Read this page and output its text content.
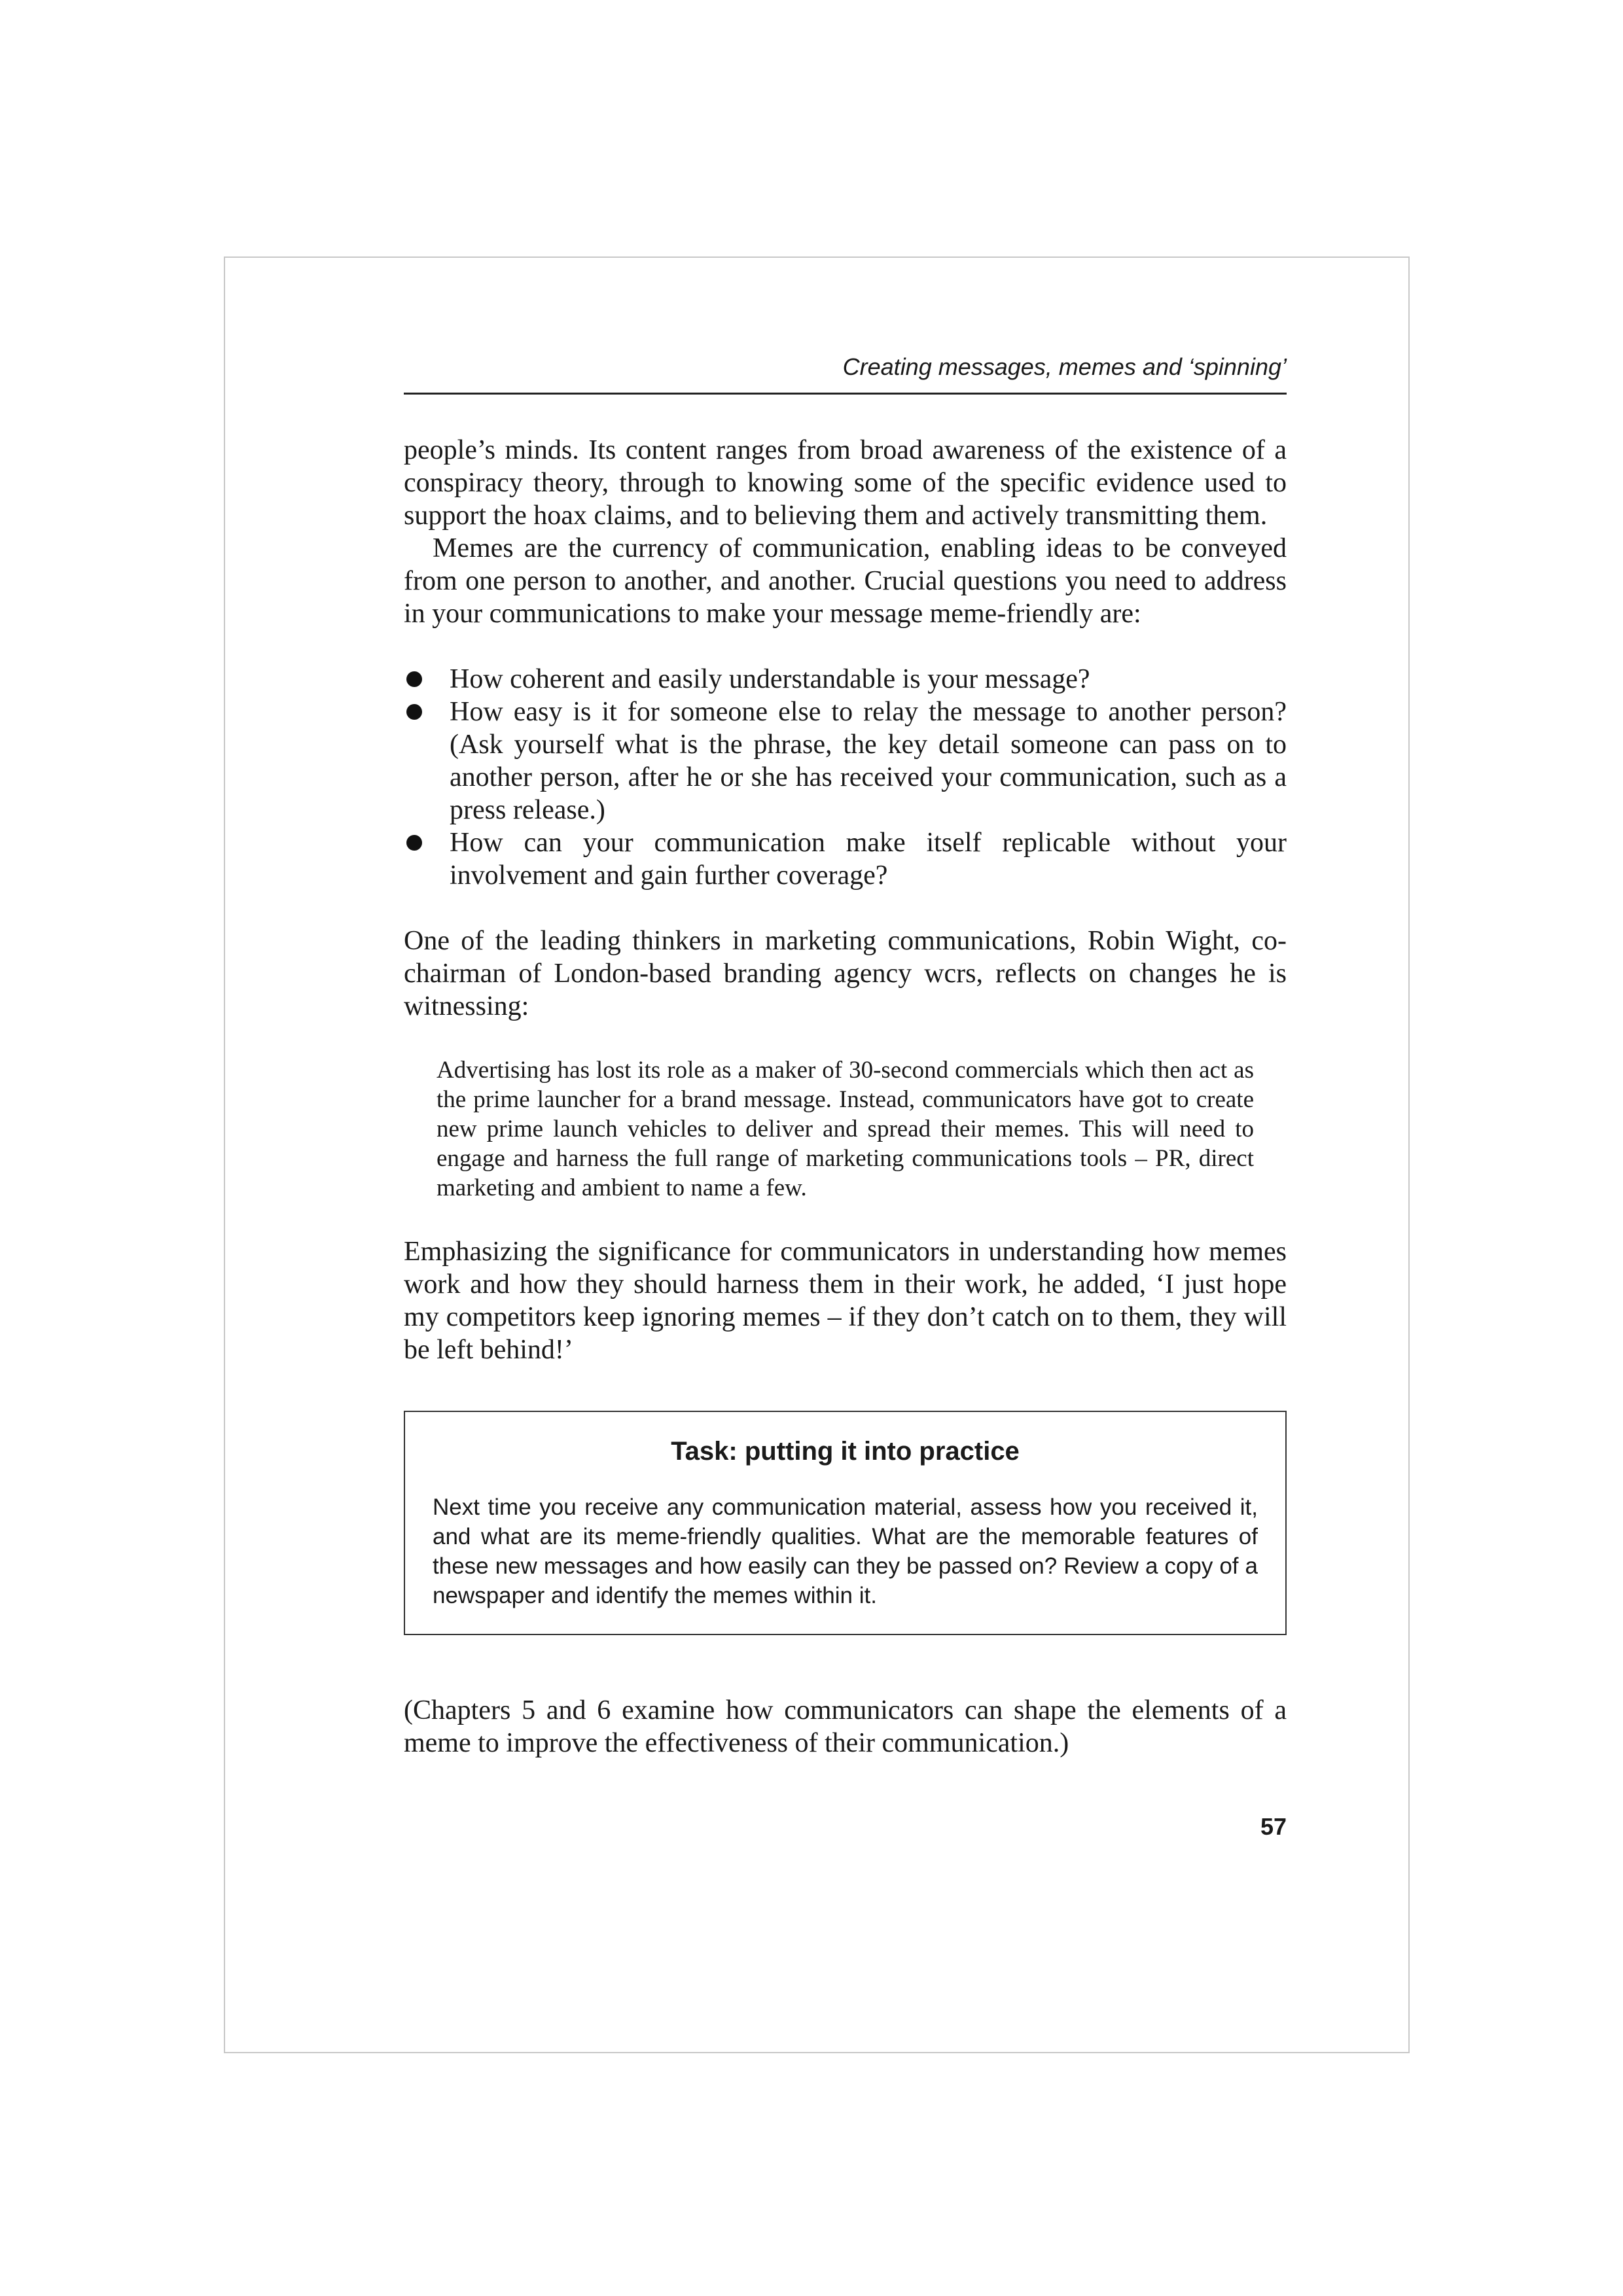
Creating messages, memes and ‘spinning’

people’s minds. Its content ranges from broad awareness of the existence of a conspiracy theory, through to knowing some of the specific evidence used to support the hoax claims, and to believing them and actively transmitting them.

Memes are the currency of communication, enabling ideas to be conveyed from one person to another, and another. Crucial questions you need to address in your communications to make your message meme-friendly are:

How coherent and easily understandable is your message?
How easy is it for someone else to relay the message to another person? (Ask yourself what is the phrase, the key detail someone can pass on to another person, after he or she has received your communication, such as a press release.)
How can your communication make itself replicable without your involvement and gain further coverage?

One of the leading thinkers in marketing communications, Robin Wight, co-chairman of London-based branding agency wcrs, reflects on changes he is witnessing:

Advertising has lost its role as a maker of 30-second commercials which then act as the prime launcher for a brand message. Instead, communicators have got to create new prime launch vehicles to deliver and spread their memes. This will need to engage and harness the full range of marketing communications tools – PR, direct marketing and ambient to name a few.

Emphasizing the significance for communicators in understanding how memes work and how they should harness them in their work, he added, ‘I just hope my competitors keep ignoring memes – if they don’t catch on to them, they will be left behind!’

Task: putting it into practice
Next time you receive any communication material, assess how you received it, and what are its meme-friendly qualities. What are the memorable features of these new messages and how easily can they be passed on? Review a copy of a newspaper and identify the memes within it.

(Chapters 5 and 6 examine how communicators can shape the elements of a meme to improve the effectiveness of their communication.)

57
